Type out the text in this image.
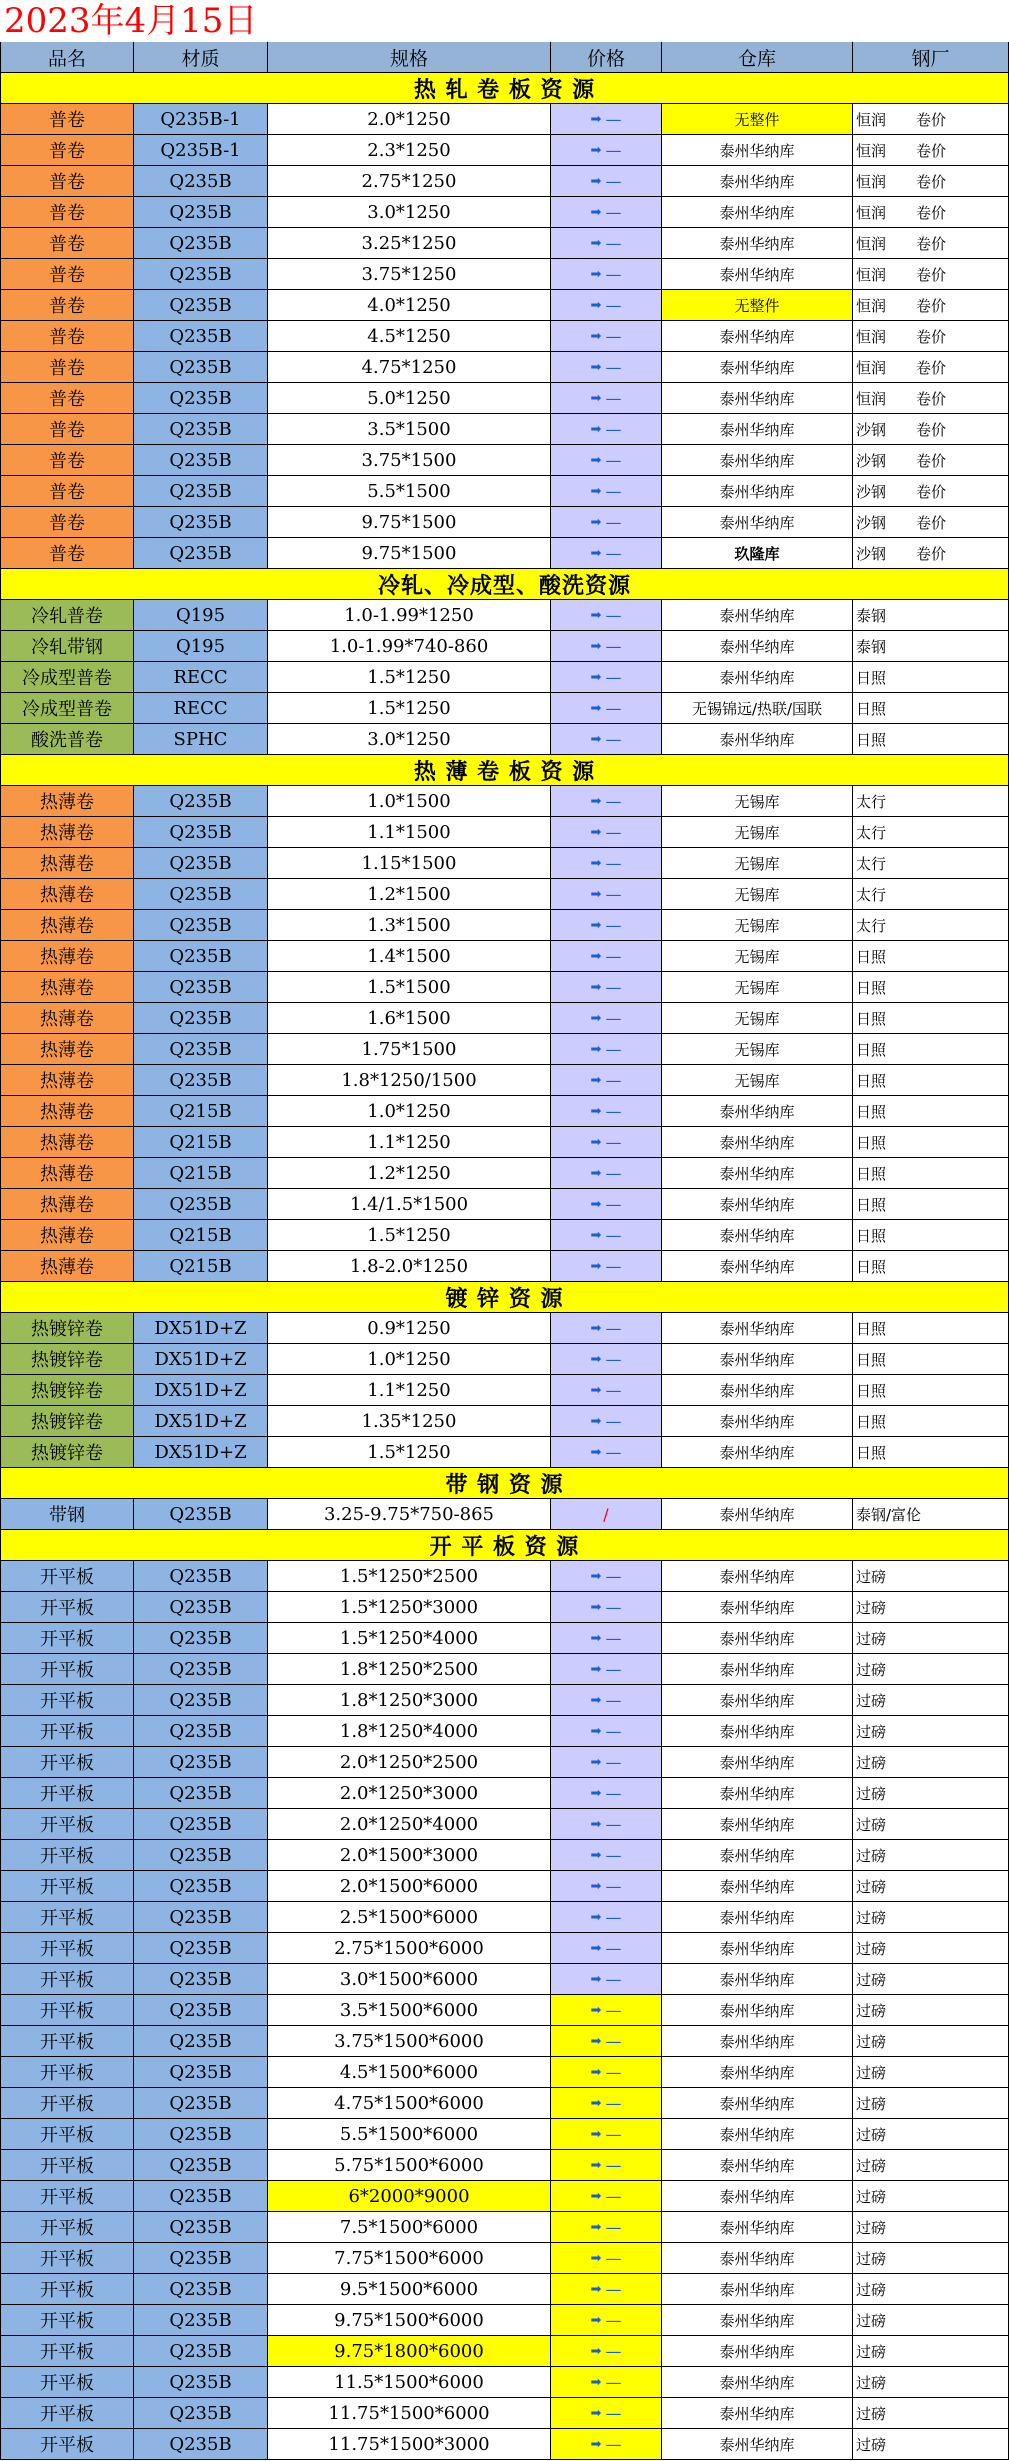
2023年4月15日
品名	材质	规格	价格	仓库	钢厂
热 轧 卷 板 资 源
普卷	Q235B-1	2.0*1250	➡ —	无整件	恒润 卷价
普卷	Q235B-1	2.3*1250	➡ —	泰州华纳库	恒润 卷价
普卷	Q235B	2.75*1250	➡ —	泰州华纳库	恒润 卷价
普卷	Q235B	3.0*1250	➡ —	泰州华纳库	恒润 卷价
普卷	Q235B	3.25*1250	➡ —	泰州华纳库	恒润 卷价
普卷	Q235B	3.75*1250	➡ —	泰州华纳库	恒润 卷价
普卷	Q235B	4.0*1250	➡ —	无整件	恒润 卷价
普卷	Q235B	4.5*1250	➡ —	泰州华纳库	恒润 卷价
普卷	Q235B	4.75*1250	➡ —	泰州华纳库	恒润 卷价
普卷	Q235B	5.0*1250	➡ —	泰州华纳库	恒润 卷价
普卷	Q235B	3.5*1500	➡ —	泰州华纳库	沙钢 卷价
普卷	Q235B	3.75*1500	➡ —	泰州华纳库	沙钢 卷价
普卷	Q235B	5.5*1500	➡ —	泰州华纳库	沙钢 卷价
普卷	Q235B	9.75*1500	➡ —	泰州华纳库	沙钢 卷价
普卷	Q235B	9.75*1500	➡ —	玖隆库	沙钢 卷价
冷轧、冷成型、酸洗资源
冷轧普卷	Q195	1.0-1.99*1250	➡ —	泰州华纳库	泰钢
冷轧带钢	Q195	1.0-1.99*740-860	➡ —	泰州华纳库	泰钢
冷成型普卷	RECC	1.5*1250	➡ —	泰州华纳库	日照
冷成型普卷	RECC	1.5*1250	➡ —	无锡锦远/热联/国联	日照
酸洗普卷	SPHC	3.0*1250	➡ —	泰州华纳库	日照
热 薄 卷 板 资 源
热薄卷	Q235B	1.0*1500	➡ —	无锡库	太行
热薄卷	Q235B	1.1*1500	➡ —	无锡库	太行
热薄卷	Q235B	1.15*1500	➡ —	无锡库	太行
热薄卷	Q235B	1.2*1500	➡ —	无锡库	太行
热薄卷	Q235B	1.3*1500	➡ —	无锡库	太行
热薄卷	Q235B	1.4*1500	➡ —	无锡库	日照
热薄卷	Q235B	1.5*1500	➡ —	无锡库	日照
热薄卷	Q235B	1.6*1500	➡ —	无锡库	日照
热薄卷	Q235B	1.75*1500	➡ —	无锡库	日照
热薄卷	Q235B	1.8*1250/1500	➡ —	无锡库	日照
热薄卷	Q215B	1.0*1250	➡ —	泰州华纳库	日照
热薄卷	Q215B	1.1*1250	➡ —	泰州华纳库	日照
热薄卷	Q215B	1.2*1250	➡ —	泰州华纳库	日照
热薄卷	Q235B	1.4/1.5*1500	➡ —	泰州华纳库	日照
热薄卷	Q215B	1.5*1250	➡ —	泰州华纳库	日照
热薄卷	Q215B	1.8-2.0*1250	➡ —	泰州华纳库	日照
镀 锌 资 源
热镀锌卷	DX51D+Z	0.9*1250	➡ —	泰州华纳库	日照
热镀锌卷	DX51D+Z	1.0*1250	➡ —	泰州华纳库	日照
热镀锌卷	DX51D+Z	1.1*1250	➡ —	泰州华纳库	日照
热镀锌卷	DX51D+Z	1.35*1250	➡ —	泰州华纳库	日照
热镀锌卷	DX51D+Z	1.5*1250	➡ —	泰州华纳库	日照
带 钢 资 源
带钢	Q235B	3.25-9.75*750-865	/	泰州华纳库	泰钢/富伦
开 平 板 资 源
开平板	Q235B	1.5*1250*2500	➡ —	泰州华纳库	过磅
开平板	Q235B	1.5*1250*3000	➡ —	泰州华纳库	过磅
开平板	Q235B	1.5*1250*4000	➡ —	泰州华纳库	过磅
开平板	Q235B	1.8*1250*2500	➡ —	泰州华纳库	过磅
开平板	Q235B	1.8*1250*3000	➡ —	泰州华纳库	过磅
开平板	Q235B	1.8*1250*4000	➡ —	泰州华纳库	过磅
开平板	Q235B	2.0*1250*2500	➡ —	泰州华纳库	过磅
开平板	Q235B	2.0*1250*3000	➡ —	泰州华纳库	过磅
开平板	Q235B	2.0*1250*4000	➡ —	泰州华纳库	过磅
开平板	Q235B	2.0*1500*3000	➡ —	泰州华纳库	过磅
开平板	Q235B	2.0*1500*6000	➡ —	泰州华纳库	过磅
开平板	Q235B	2.5*1500*6000	➡ —	泰州华纳库	过磅
开平板	Q235B	2.75*1500*6000	➡ —	泰州华纳库	过磅
开平板	Q235B	3.0*1500*6000	➡ —	泰州华纳库	过磅
开平板	Q235B	3.5*1500*6000	➡ —	泰州华纳库	过磅
开平板	Q235B	3.75*1500*6000	➡ —	泰州华纳库	过磅
开平板	Q235B	4.5*1500*6000	➡ —	泰州华纳库	过磅
开平板	Q235B	4.75*1500*6000	➡ —	泰州华纳库	过磅
开平板	Q235B	5.5*1500*6000	➡ —	泰州华纳库	过磅
开平板	Q235B	5.75*1500*6000	➡ —	泰州华纳库	过磅
开平板	Q235B	6*2000*9000	➡ —	泰州华纳库	过磅
开平板	Q235B	7.5*1500*6000	➡ —	泰州华纳库	过磅
开平板	Q235B	7.75*1500*6000	➡ —	泰州华纳库	过磅
开平板	Q235B	9.5*1500*6000	➡ —	泰州华纳库	过磅
开平板	Q235B	9.75*1500*6000	➡ —	泰州华纳库	过磅
开平板	Q235B	9.75*1800*6000	➡ —	泰州华纳库	过磅
开平板	Q235B	11.5*1500*6000	➡ —	泰州华纳库	过磅
开平板	Q235B	11.75*1500*6000	➡ —	泰州华纳库	过磅
开平板	Q235B	11.75*1500*3000	➡ —	泰州华纳库	过磅
